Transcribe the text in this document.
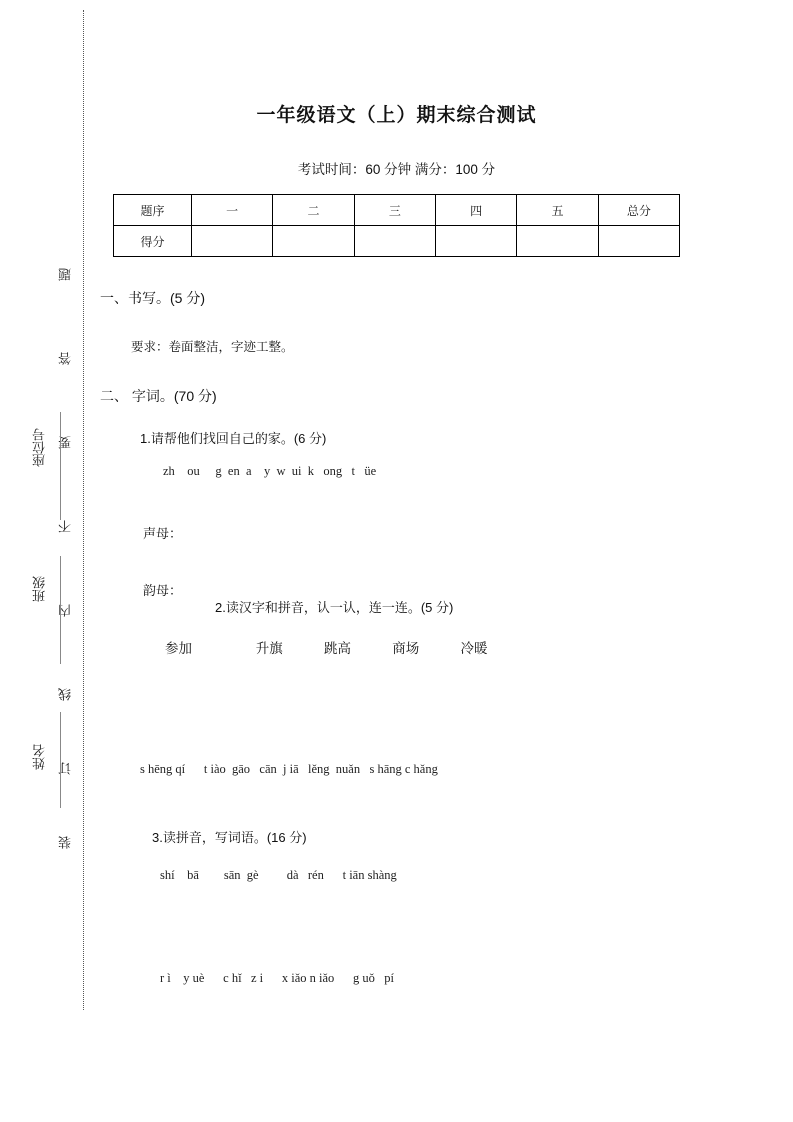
题
答
要
不
内
线
订
装
座位号
班级
姓名
一年级语文（上）期末综合测试
考试时间：60 分钟 满分：100 分
题序	一	二	三	四	五	总分
得分						
一、书写。(5 分)
要求：卷面整洁，字迹工整。
二、 字词。(70 分)
1.请帮他们找回自己的家。(6 分)
zh    ou     g  en  a    y  w  ui  k   ong   t   üe
声母：
韵母：
2.读汉字和拼音，认一认，连一连。(5 分)
参加                 升旗           跳高           商场           冷暖
s hēng qí      t iào  gāo   cān  j iā   lěng  nuǎn   s hāng c hǎng
3.读拼音，写词语。(16 分)
shí    bā        sān  gè         dà   rén      t iān shàng
r ì    y uè      c hǐ   z i      x iǎo n iǎo      g uǒ   pí
